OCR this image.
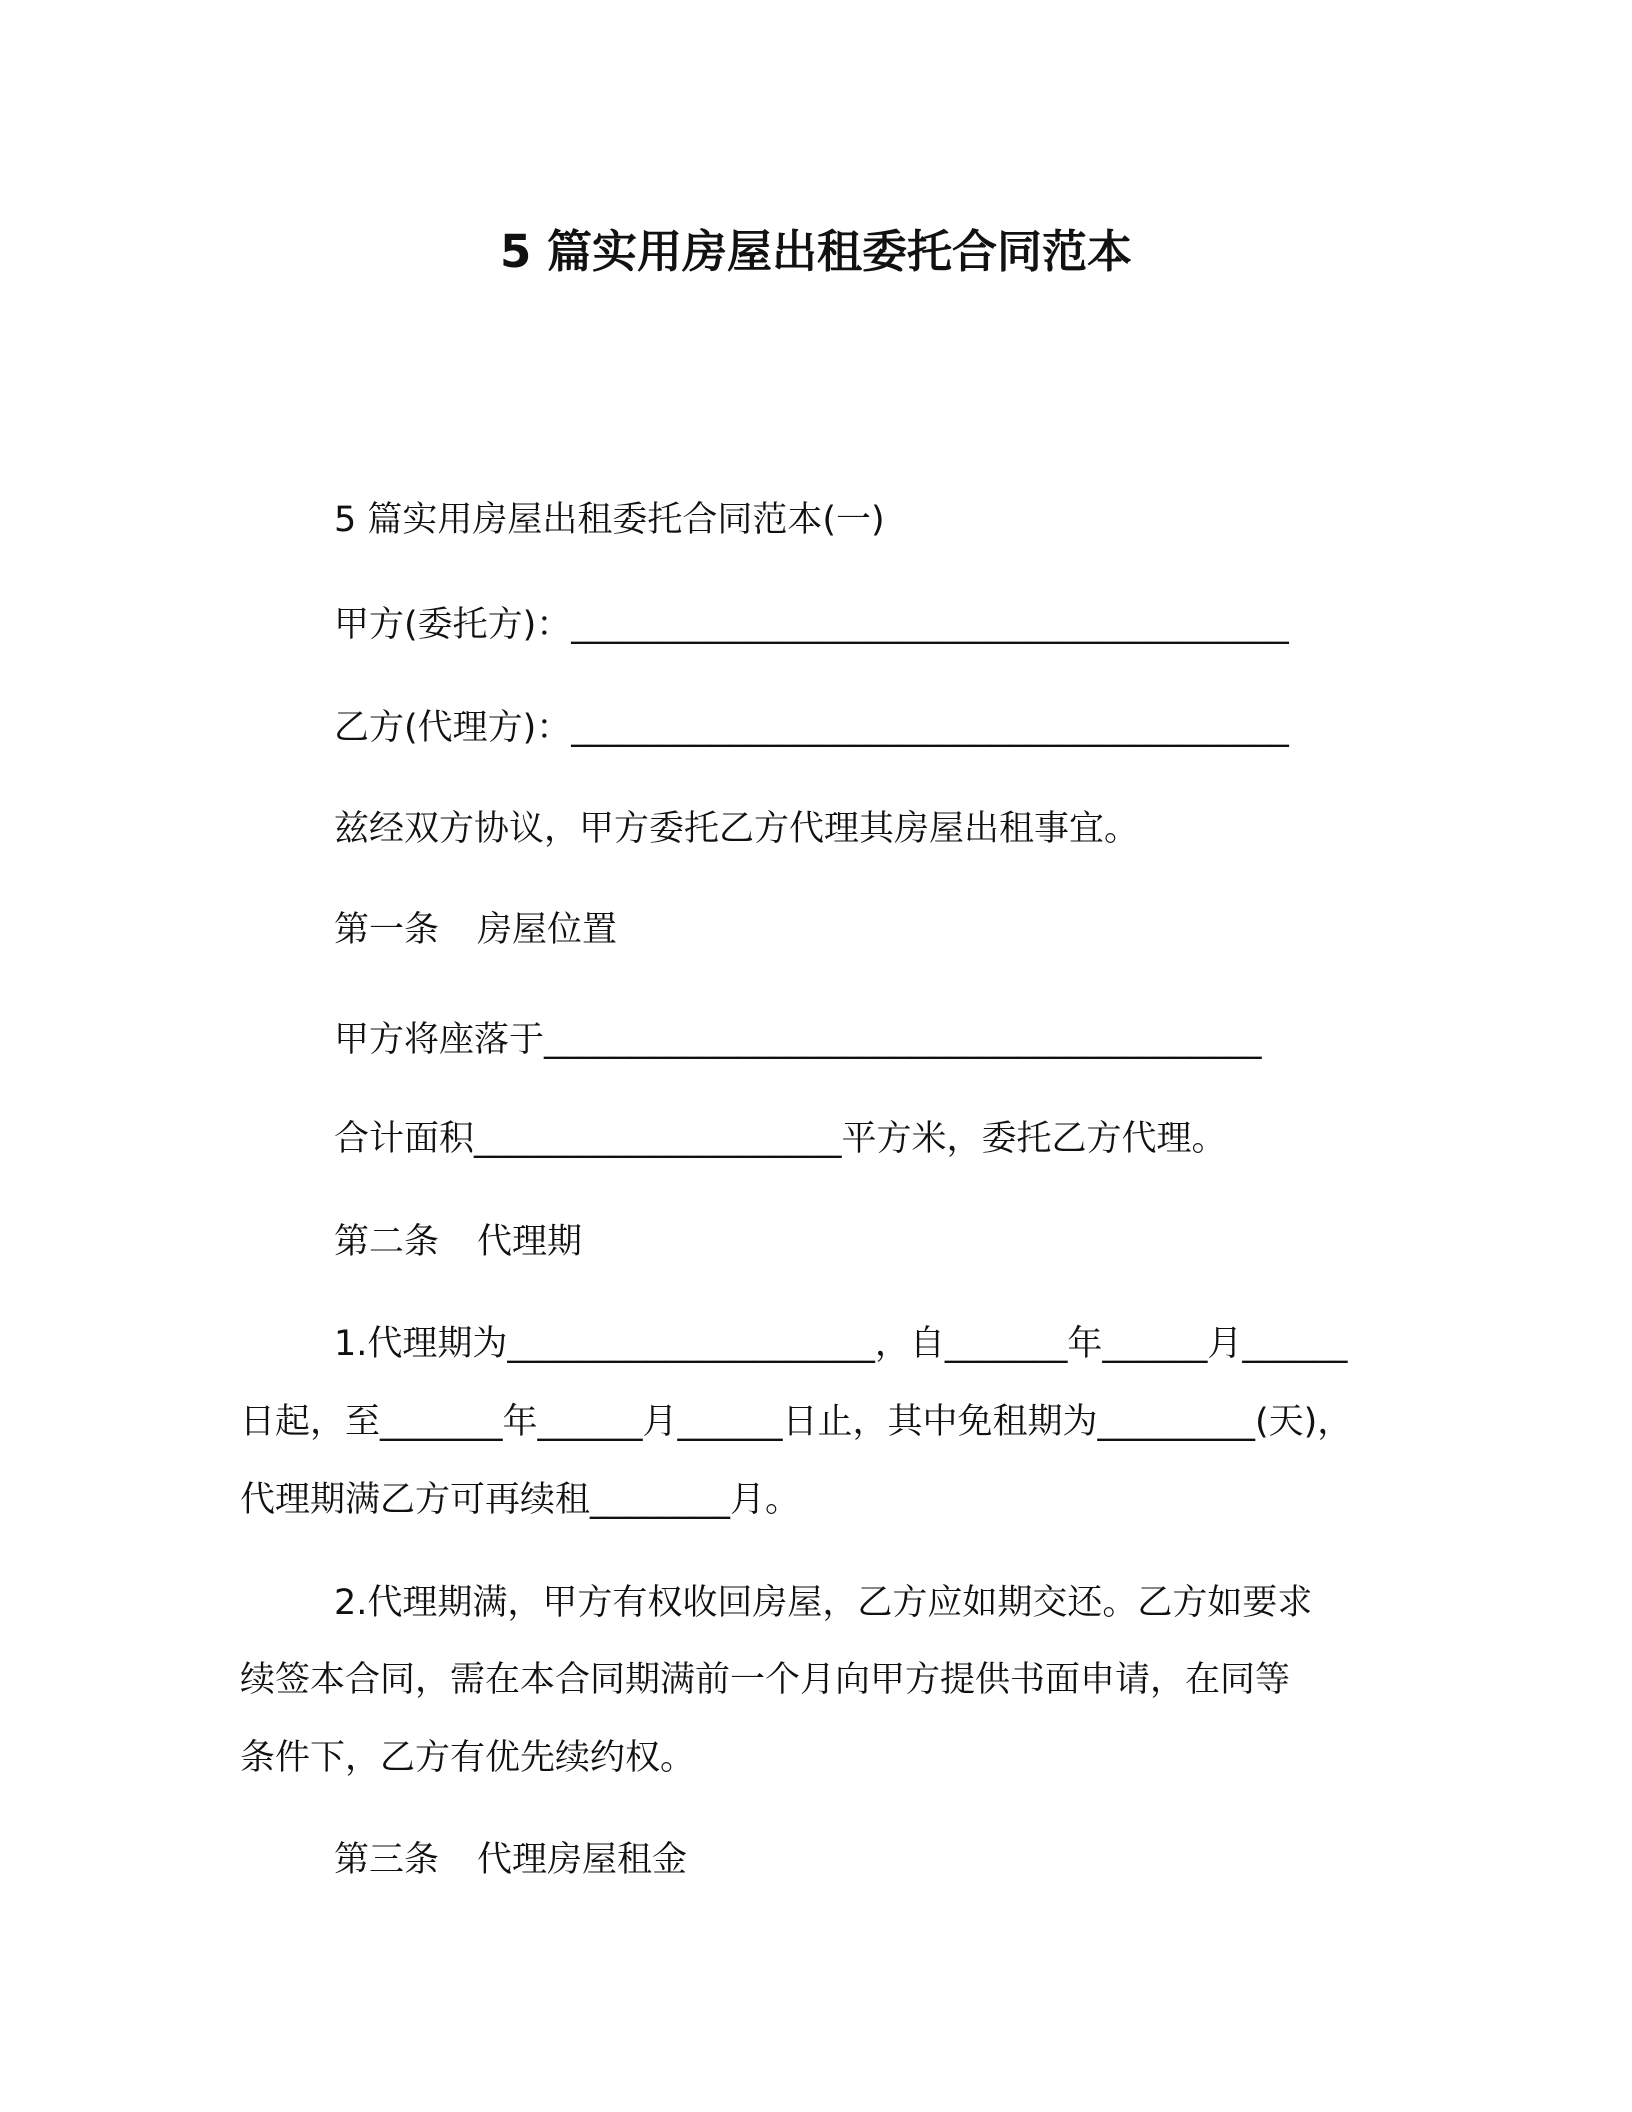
5 篇实用房屋出租委托合同范本
5 篇实用房屋出租委托合同范本(一)
甲方(委托方)：_________________________________________
乙方(代理方)：_________________________________________
兹经双方协议，甲方委托乙方代理其房屋出租事宜。
第一条 房屋位置
甲方将座落于_________________________________________
合计面积_____________________平方米，委托乙方代理。
第二条 代理期
1.代理期为_____________________，自_______年______月______
日起，至_______年______月______日止，其中免租期为_________(天)，
代理期满乙方可再续租________月。
2.代理期满，甲方有权收回房屋，乙方应如期交还。乙方如要求
续签本合同，需在本合同期满前一个月向甲方提供书面申请，在同等
条件下，乙方有优先续约权。
第三条 代理房屋租金
